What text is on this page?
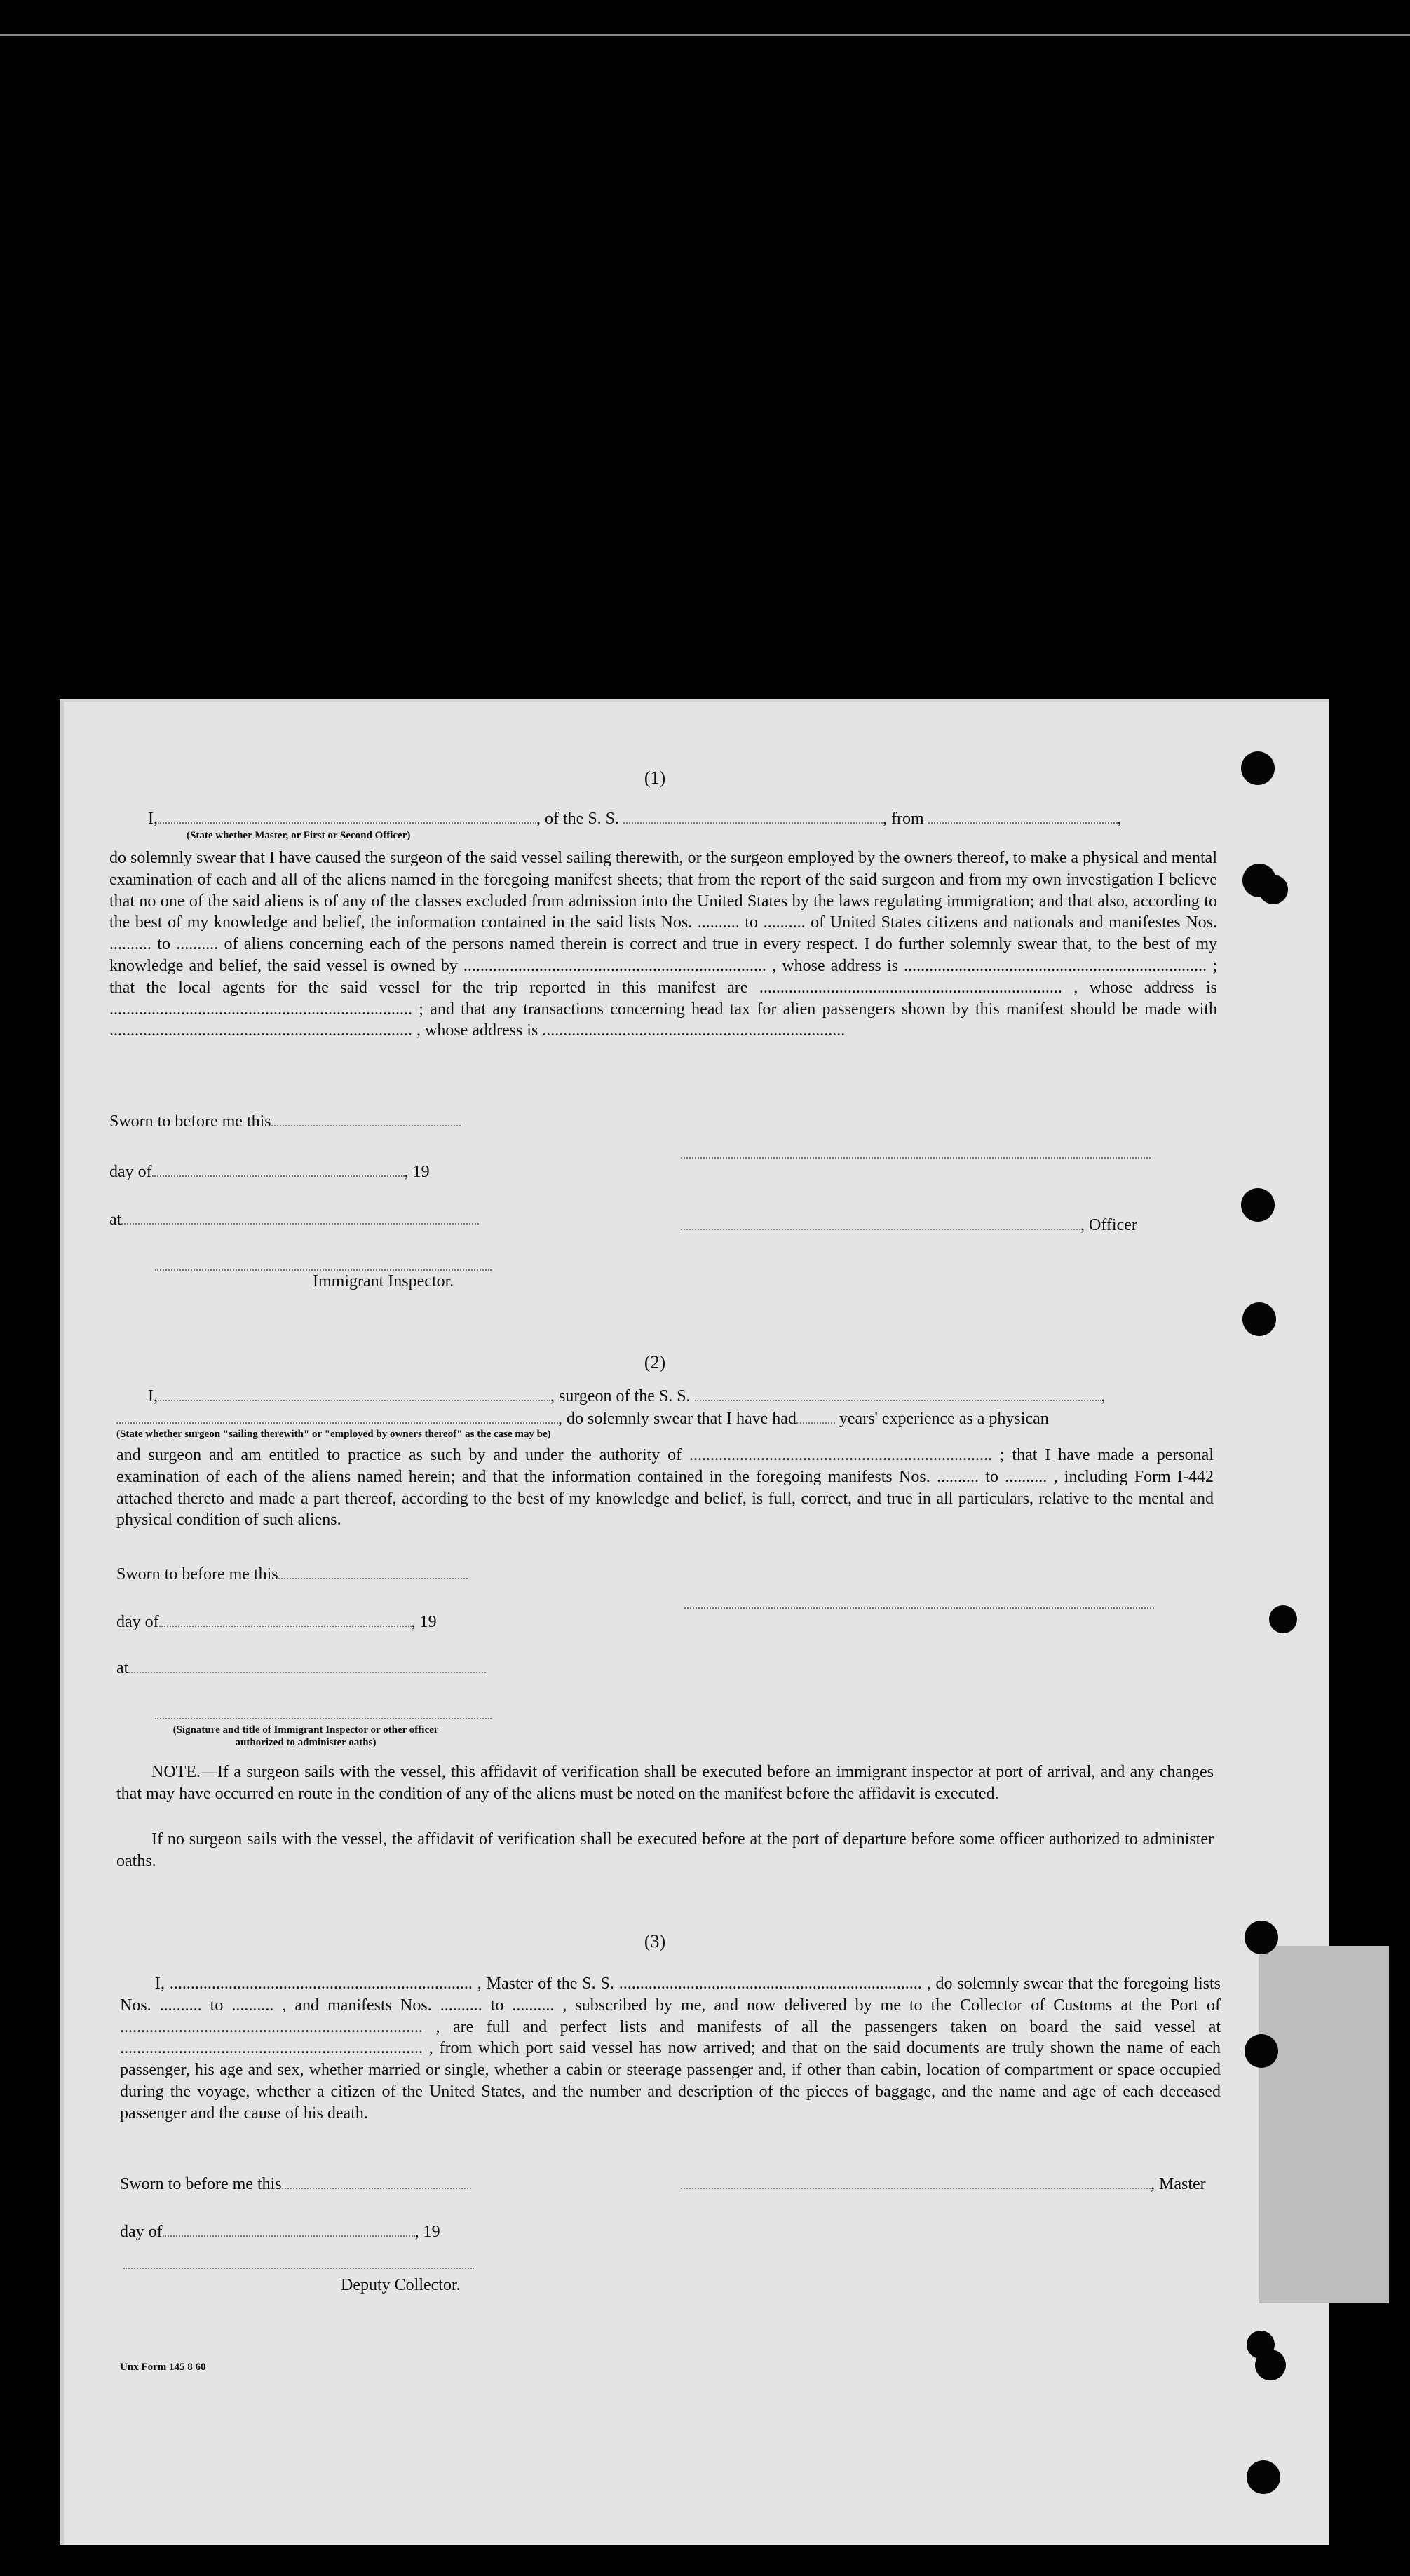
(1)
I,	, of the S. S.	, from	,
(State whether Master, or First or Second Officer)
do solemnly swear that I have caused the surgeon of the said vessel sailing therewith, or the surgeon employed by the owners thereof, to make a physical and mental examination of each and all of the aliens named in the foregoing manifest sheets; that from the report of the said surgeon and from my own investigation I believe that no one of the said aliens is of any of the classes excluded from admission into the United States by the laws regulating immigration; and that also, according to the best of my knowledge and belief, the information contained in the said lists Nos. .......... to .......... of United States citizens and nationals and manifestes Nos. .......... to .......... of aliens concerning each of the persons named therein is correct and true in every respect. I do further solemnly swear that, to the best of my knowledge and belief, the said vessel is owned by ........................................................................ , whose address is ........................................................................ ; that the local agents for the said vessel for the trip reported in this manifest are ........................................................................ , whose address is ........................................................................ ; and that any transactions concerning head tax for alien passengers shown by this manifest should be made with ........................................................................ , whose address is ........................................................................
Sworn to before me this
day of	, 19
at	, Officer
Immigrant Inspector.
(2)
I,	, surgeon of the S. S.	,
, do solemnly swear that I have had	years' experience as a physican
(State whether surgeon "sailing therewith" or "employed by owners thereof" as the case may be)
and surgeon and am entitled to practice as such by and under the authority of ........................................................................ ; that I have made a personal examination of each of the aliens named herein; and that the information contained in the foregoing manifests Nos. .......... to .......... , including Form I-442 attached thereto and made a part thereof, according to the best of my knowledge and belief, is full, correct, and true in all particulars, relative to the mental and physical condition of such aliens.
Sworn to before me this
day of	, 19
at
(Signature and title of Immigrant Inspector or other officer authorized to administer oaths)
NOTE.—If a surgeon sails with the vessel, this affidavit of verification shall be executed before an immigrant inspector at port of arrival, and any changes that may have occurred en route in the condition of any of the aliens must be noted on the manifest before the affidavit is executed.
If no surgeon sails with the vessel, the affidavit of verification shall be executed before at the port of departure before some officer authorized to administer oaths.
(3)
I, ........................................................................ , Master of the S. S. ........................................................................ , do solemnly swear that the foregoing lists Nos. .......... to .......... , and manifests Nos. .......... to .......... , subscribed by me, and now delivered by me to the Collector of Customs at the Port of ........................................................................ , are full and perfect lists and manifests of all the passengers taken on board the said vessel at ........................................................................ , from which port said vessel has now arrived; and that on the said documents are truly shown the name of each passenger, his age and sex, whether married or single, whether a cabin or steerage passenger and, if other than cabin, location of compartment or space occupied during the voyage, whether a citizen of the United States, and the number and description of the pieces of baggage, and the name and age of each deceased passenger and the cause of his death.
Sworn to before me this	, Master
day of	, 19
Deputy Collector.
Unx Form 145 8 60
